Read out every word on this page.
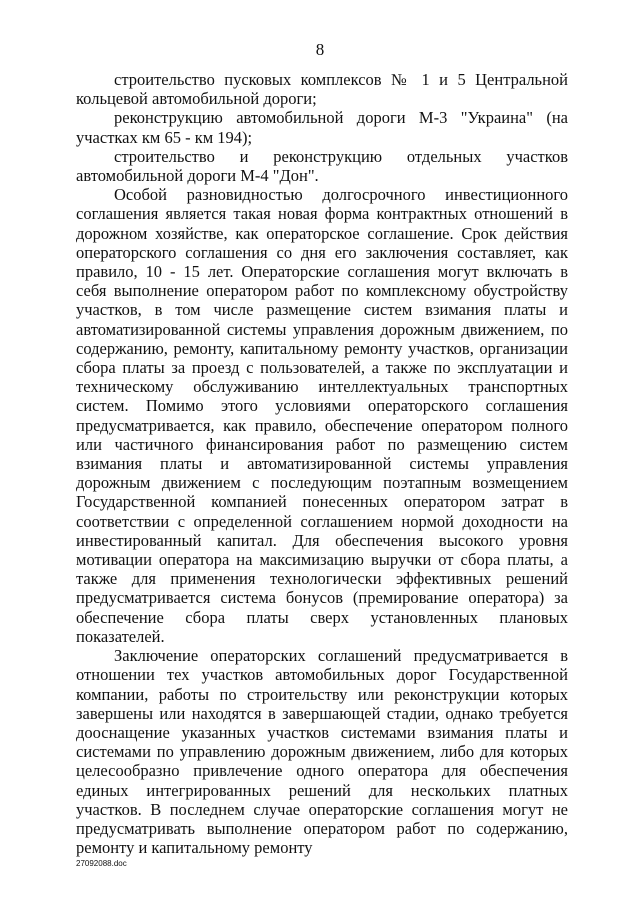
8

строительство пусковых комплексов № 1 и 5 Центральной кольцевой автомобильной дороги;

реконструкцию автомобильной дороги М-3 "Украина" (на участках км 65 - км 194);

строительство и реконструкцию отдельных участков автомобильной дороги М-4 "Дон".

Особой разновидностью долгосрочного инвестиционного соглашения является такая новая форма контрактных отношений в дорожном хозяйстве, как операторское соглашение. Срок действия операторского соглашения со дня его заключения составляет, как правило, 10 - 15 лет. Операторские соглашения могут включать в себя выполнение оператором работ по комплексному обустройству участков, в том числе размещение систем взимания платы и автоматизированной системы управления дорожным движением, по содержанию, ремонту, капитальному ремонту участков, организации сбора платы за проезд с пользователей, а также по эксплуатации и техническому обслуживанию интеллектуальных транспортных систем. Помимо этого условиями операторского соглашения предусматривается, как правило, обеспечение оператором полного или частичного финансирования работ по размещению систем взимания платы и автоматизированной системы управления дорожным движением с последующим поэтапным возмещением Государственной компанией понесенных оператором затрат в соответствии с определенной соглашением нормой доходности на инвестированный капитал. Для обеспечения высокого уровня мотивации оператора на максимизацию выручки от сбора платы, а также для применения технологически эффективных решений предусматривается система бонусов (премирование оператора) за обеспечение сбора платы сверх установленных плановых показателей.

Заключение операторских соглашений предусматривается в отношении тех участков автомобильных дорог Государственной компании, работы по строительству или реконструкции которых завершены или находятся в завершающей стадии, однако требуется дооснащение указанных участков системами взимания платы и системами по управлению дорожным движением, либо для которых целесообразно привлечение одного оператора для обеспечения единых интегрированных решений для нескольких платных участков. В последнем случае операторские соглашения могут не предусматривать выполнение оператором работ по содержанию, ремонту и капитальному ремонту

27092088.doc
